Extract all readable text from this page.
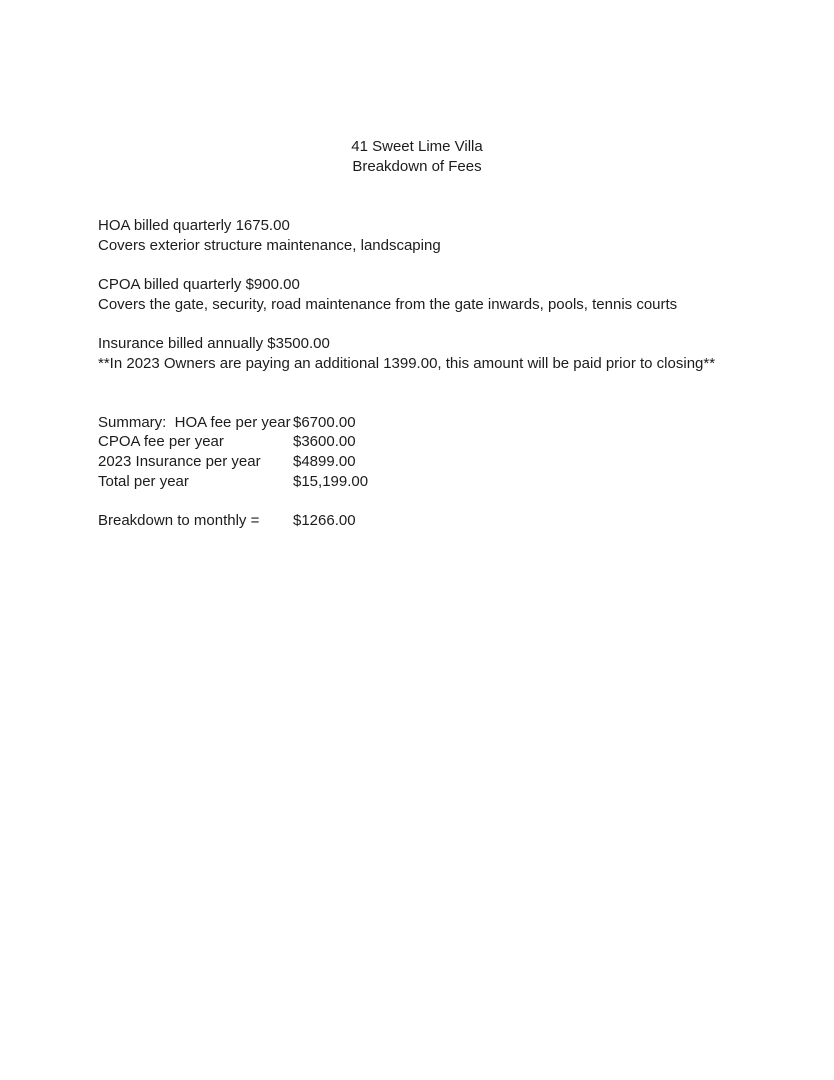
41 Sweet Lime Villa
Breakdown of Fees
HOA billed quarterly 1675.00
Covers exterior structure maintenance, landscaping
CPOA billed quarterly $900.00
Covers the gate, security, road maintenance from the gate inwards, pools, tennis courts
Insurance billed annually $3500.00
**In 2023 Owners are paying an additional 1399.00, this amount will be paid prior to closing**
Summary:  HOA fee per year $6700.00
CPOA fee per year	$3600.00
2023 Insurance per year $4899.00
Total per year	$15,199.00
Breakdown to monthly = $1266.00
